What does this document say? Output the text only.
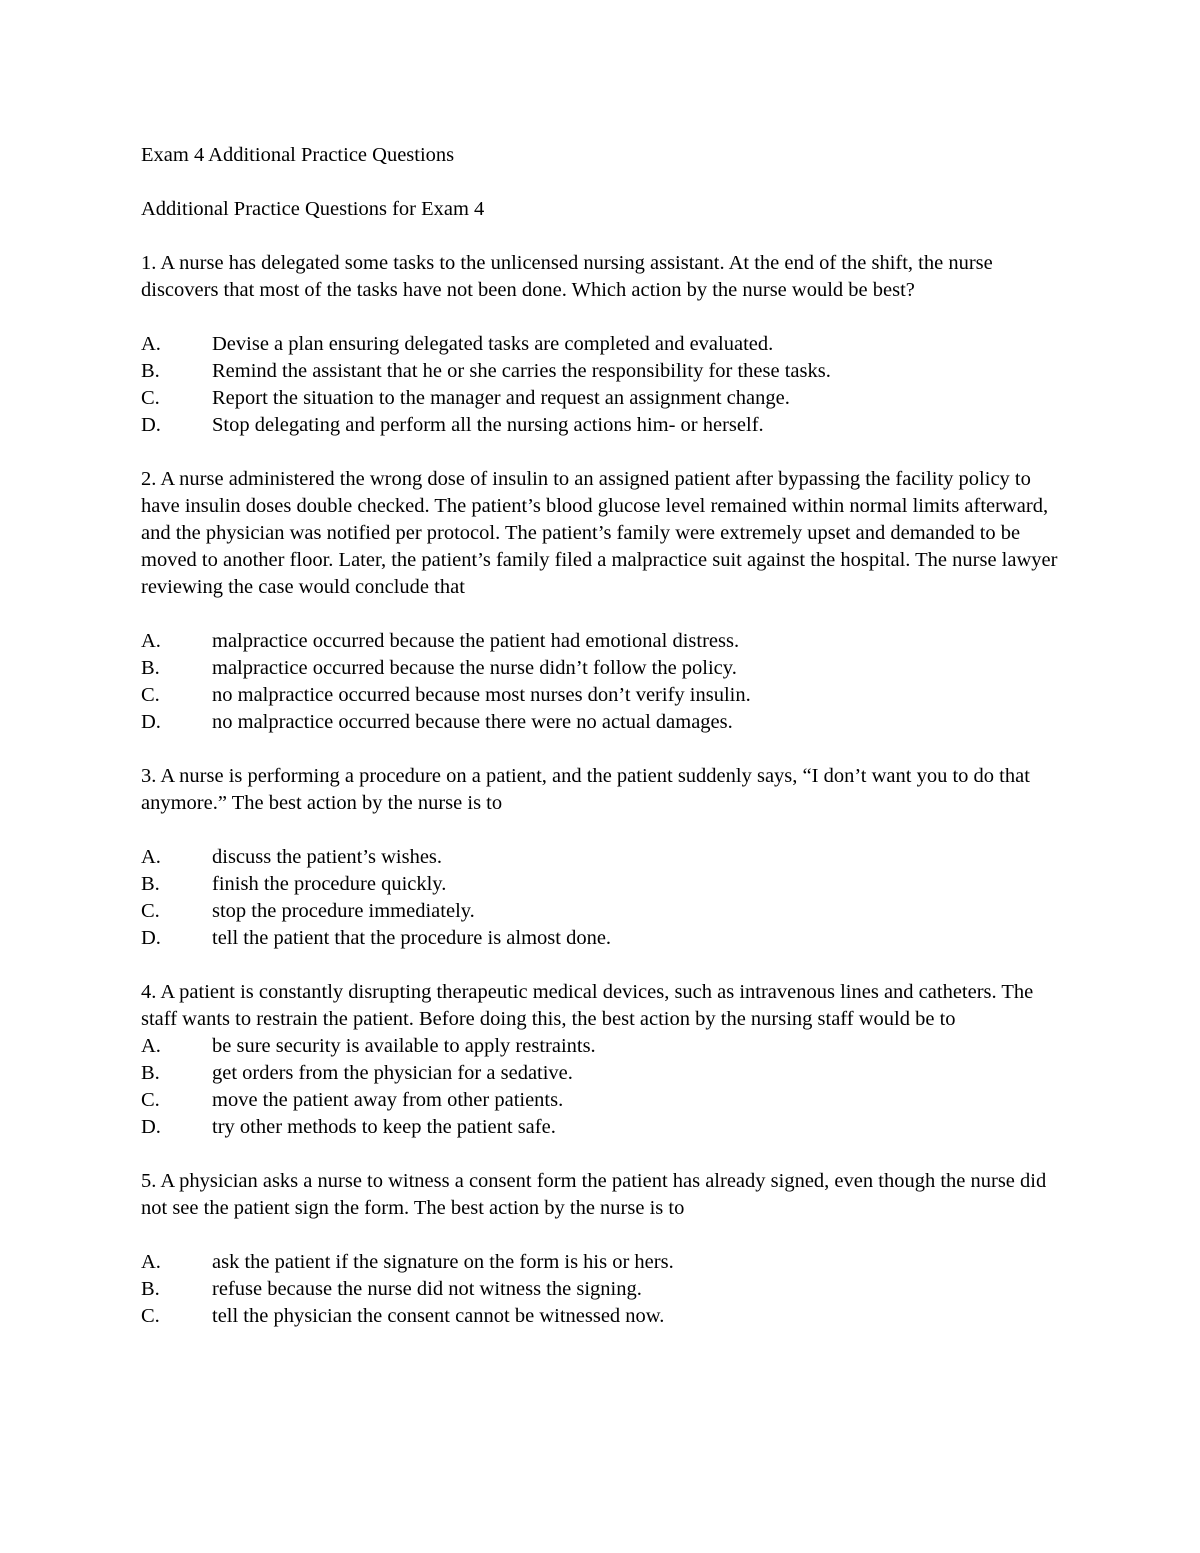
Exam 4 Additional Practice Questions
Additional Practice Questions for Exam 4

1. A nurse has delegated some tasks to the unlicensed nursing assistant. At the end of the shift, the nurse discovers that most of the tasks have not been done. Which action by the nurse would be best?

A.	Devise a plan ensuring delegated tasks are completed and evaluated.
B.	Remind the assistant that he or she carries the responsibility for these tasks.
C.	Report the situation to the manager and request an assignment change.
D.	Stop delegating and perform all the nursing actions him- or herself.

2. A nurse administered the wrong dose of insulin to an assigned patient after bypassing the facility policy to have insulin doses double checked. The patient’s blood glucose level remained within normal limits afterward, and the physician was notified per protocol. The patient’s family were extremely upset and demanded to be moved to another floor. Later, the patient’s family filed a malpractice suit against the hospital. The nurse lawyer reviewing the case would conclude that

A.	malpractice occurred because the patient had emotional distress.
B.	malpractice occurred because the nurse didn’t follow the policy.
C.	no malpractice occurred because most nurses don’t verify insulin.
D.	no malpractice occurred because there were no actual damages.

3. A nurse is performing a procedure on a patient, and the patient suddenly says, “I don’t want you to do that anymore.” The best action by the nurse is to

A.	discuss the patient’s wishes.
B.	finish the procedure quickly.
C.	stop the procedure immediately.
D.	tell the patient that the procedure is almost done.

4. A patient is constantly disrupting therapeutic medical devices, such as intravenous lines and catheters. The staff wants to restrain the patient. Before doing this, the best action by the nursing staff would be to

A.	be sure security is available to apply restraints.
B.	get orders from the physician for a sedative.
C.	move the patient away from other patients.
D.	try other methods to keep the patient safe.

5. A physician asks a nurse to witness a consent form the patient has already signed, even though the nurse did not see the patient sign the form. The best action by the nurse is to

A.	ask the patient if the signature on the form is his or hers.
B.	refuse because the nurse did not witness the signing.
C.	tell the physician the consent cannot be witnessed now.
